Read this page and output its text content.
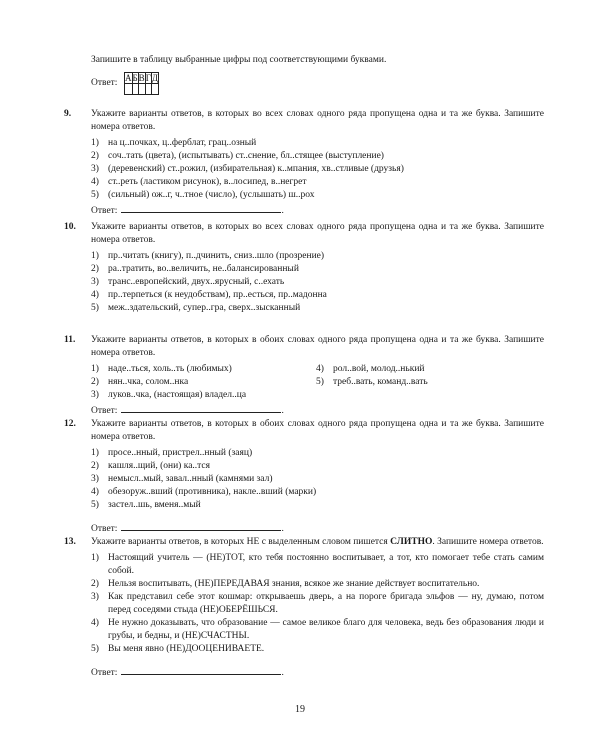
Запишите в таблицу выбранные цифры под соответствующими буквами.
Ответ: А	Б	В	Г	Д

9. Укажите варианты ответов, в которых во всех словах одного ряда пропущена одна и та же буква. Запишите номера ответов.
1) на ц..почках, ц..ферблат, грац..озный
2) соч..тать (цвета), (испытывать) ст..снение, бл..стящее (выступление)
3) (деревенский) ст..рожил, (избирательная) к..мпания, хв..стливые (друзья)
4) ст..реть (ластиком рисунок), в..лосипед, в..негрет
5) (сильный) ож..г, ч..тное (число), (услышать) ш..рох
Ответ:	.
10. Укажите варианты ответов, в которых во всех словах одного ряда пропущена одна и та же буква. Запишите номера ответов.
1) пр..читать (книгу), п..дчинить, сниз..шло (прозрение)
2) ра..тратить, во..величить, не..балансированный
3) транс..европейский, двух..ярусный, с..ехать
4) пр..терпеться (к неудобствам), пр..есться, пр..мадонна
5) меж..здательский, супер..гра, сверх..зысканный
11. Укажите варианты ответов, в которых в обоих словах одного ряда пропущена одна и та же буква. Запишите номера ответов.
1) наде..ться, холь..ть (любимых)
2) нян..чка, солом..нка
3) луков..чка, (настоящая) владел..ца
4) рол..вой, молод..нький
5) треб..вать, команд..вать
Ответ:	.
12. Укажите варианты ответов, в которых в обоих словах одного ряда пропущена одна и та же буква. Запишите номера ответов.
1) просе..нный, пристрел..нный (заяц)
2) кашля..щий, (они) ка..тся
3) немысл..мый, завал..нный (камнями зал)
4) обезоруж..вший (противника), накле..вший (марки)
5) застел..шь, вменя..мый
Ответ:	.
13. Укажите варианты ответов, в которых НЕ с выделенным словом пишется СЛИТНО. Запишите номера ответов.
1) Настоящий учитель — (НЕ)ТОТ, кто тебя постоянно воспитывает, а тот, кто помогает тебе стать самим собой.
2) Нельзя воспитывать, (НЕ)ПЕРЕДАВАЯ знания, всякое же знание действует воспитательно.
3) Как представил себе этот кошмар: открываешь дверь, а на пороге бригада эльфов — ну, думаю, потом перед соседями стыда (НЕ)ОБЕРЁШЬСЯ.
4) Не нужно доказывать, что образование — самое великое благо для человека, ведь без образования люди и грубы, и бедны, и (НЕ)СЧАСТНЫ.
5) Вы меня явно (НЕ)ДООЦЕНИВАЕТЕ.
Ответ:	.
19
